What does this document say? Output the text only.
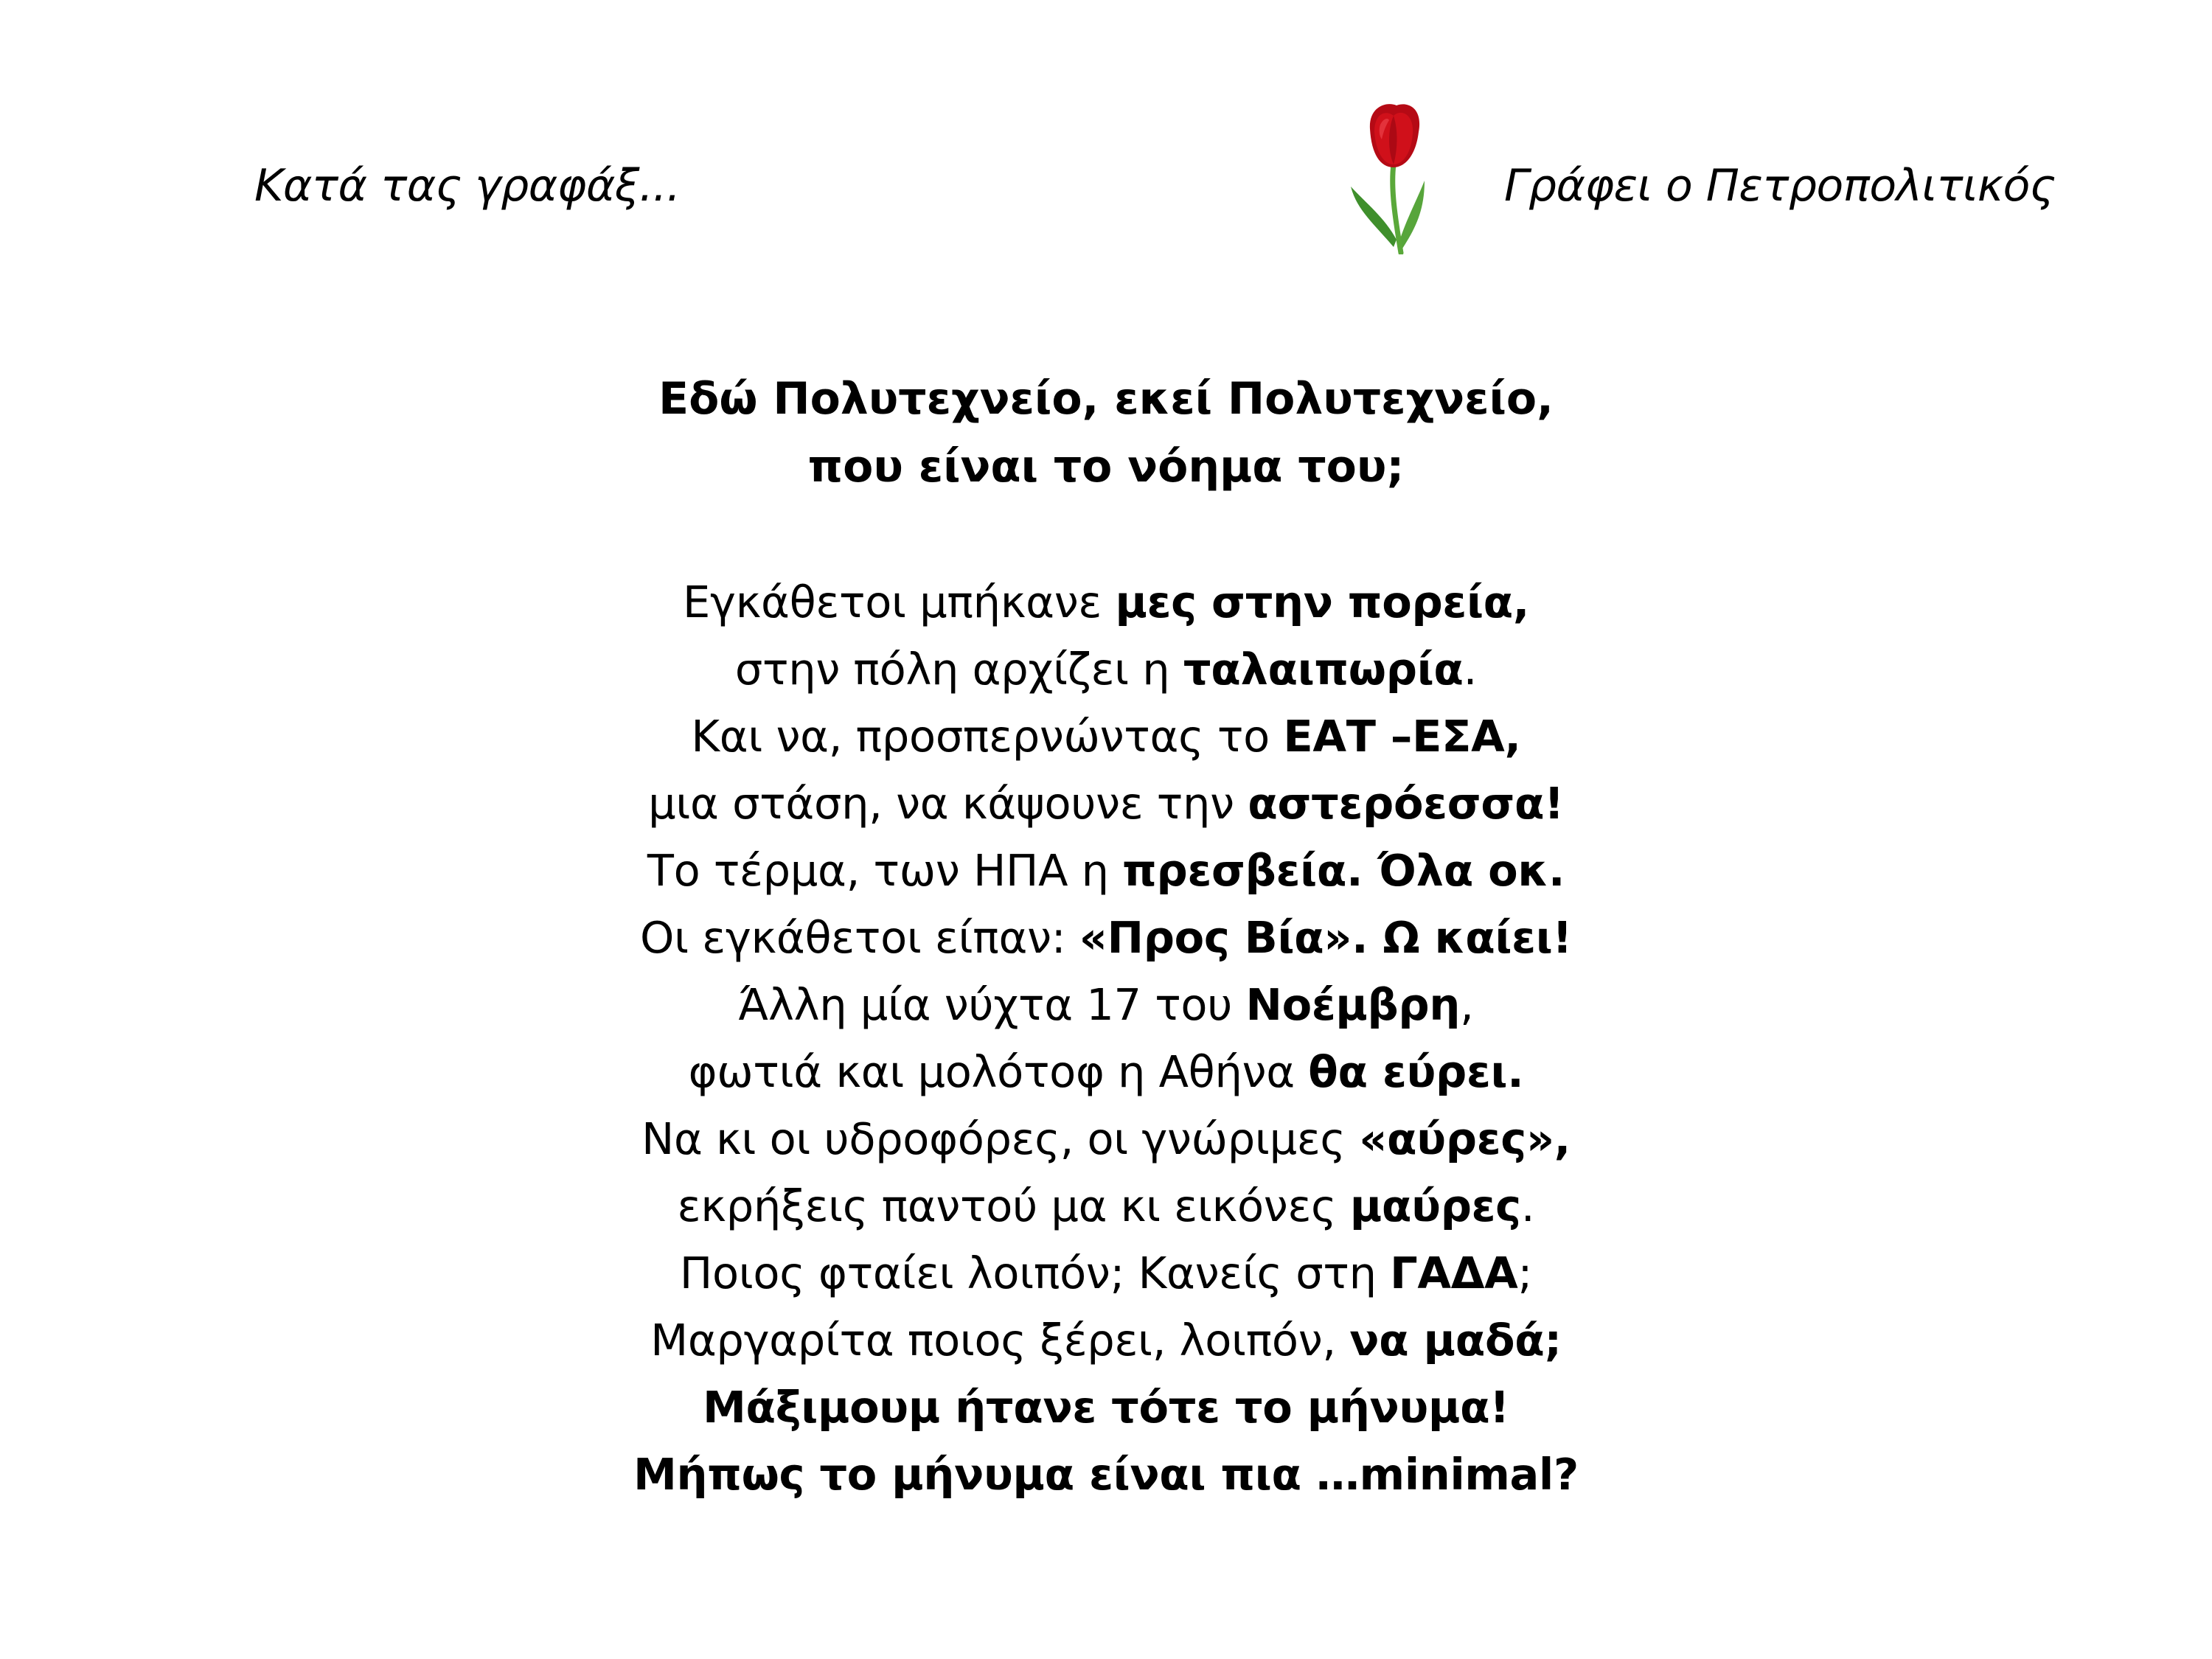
Κατά τας γραφάξ...	Γράφει ο Πετροπολιτικός
Εδώ Πολυτεχνείο, εκεί Πολυτεχνείο,
που είναι το νόημα του;
Εγκάθετοι μπήκανε μες στην πορεία,
στην πόλη αρχίζει η ταλαιπωρία.
Και να, προσπερνώντας το ΕΑΤ –ΕΣΑ,
μια στάση, να κάψουνε την αστερόεσσα!
Το τέρμα, των ΗΠΑ η πρεσβεία. Όλα οκ.
Οι εγκάθετοι είπαν: «Προς Βία». Ω καίει!
Άλλη μία νύχτα 17 του Νοέμβρη,
φωτιά και μολότοφ η Αθήνα θα εύρει.
Να κι οι υδροφόρες, οι γνώριμες «αύρες»,
εκρήξεις παντού μα κι εικόνες μαύρες.
Ποιος φταίει λοιπόν; Κανείς στη ΓΑΔΑ;
Μαργαρίτα ποιος ξέρει, λοιπόν, να μαδά;
Μάξιμουμ ήτανε τότε το μήνυμα!
Μήπως το μήνυμα είναι πια …minimal?
